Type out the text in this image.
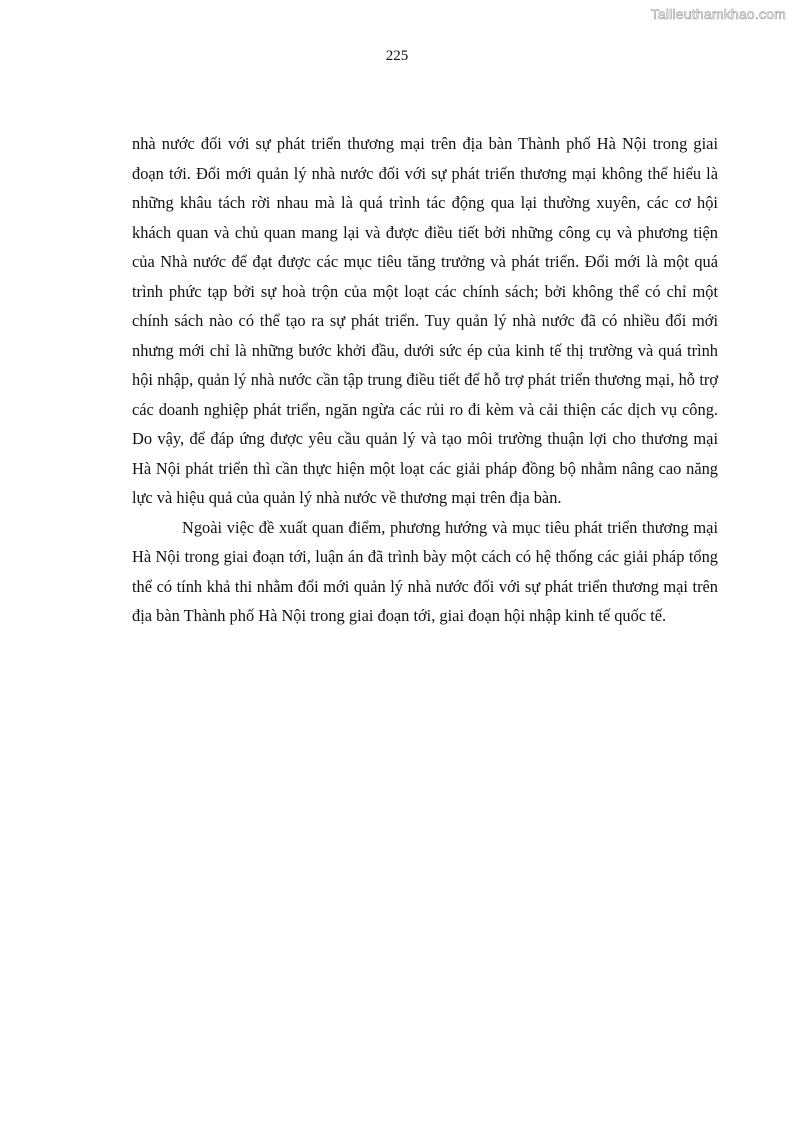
Tailieuthamkhao.com
225

nhà nước đối với sự phát triển thương mại trên địa bàn Thành phố Hà Nội trong giai đoạn tới. Đổi mới quản lý nhà nước đối với sự phát triển thương mại không thể hiểu là những khâu tách rời nhau mà là quá trình tác động qua lại thường xuyên, các cơ hội khách quan và chủ quan mang lại và được điều tiết bởi những công cụ và phương tiện của Nhà nước để đạt được các mục tiêu tăng trưởng và phát triển. Đổi mới là một quá trình phức tạp bởi sự hoà trộn của một loạt các chính sách; bởi không thể có chỉ một chính sách nào có thể tạo ra sự phát triển. Tuy quản lý nhà nước đã có nhiều đổi mới nhưng mới chỉ là những bước khởi đầu, dưới sức ép của kinh tế thị trường và quá trình hội nhập, quản lý nhà nước cần tập trung điều tiết để hỗ trợ phát triển thương mại, hỗ trợ các doanh nghiệp phát triển, ngăn ngừa các rủi ro đi kèm và cải thiện các dịch vụ công. Do vậy, để đáp ứng được yêu cầu quản lý và tạo môi trường thuận lợi cho thương mại Hà Nội phát triển thì cần thực hiện một loạt các giải pháp đồng bộ nhằm nâng cao năng lực và hiệu quả của quản lý nhà nước về thương mại trên địa bàn.

Ngoài việc đề xuất quan điểm, phương hướng và mục tiêu phát triển thương mại Hà Nội trong giai đoạn tới, luận án đã trình bày một cách có hệ thống các giải pháp tổng thể có tính khả thi nhằm đổi mới quản lý nhà nước đối với sự phát triển thương mại trên địa bàn Thành phố Hà Nội trong giai đoạn tới, giai đoạn hội nhập kinh tế quốc tế.
